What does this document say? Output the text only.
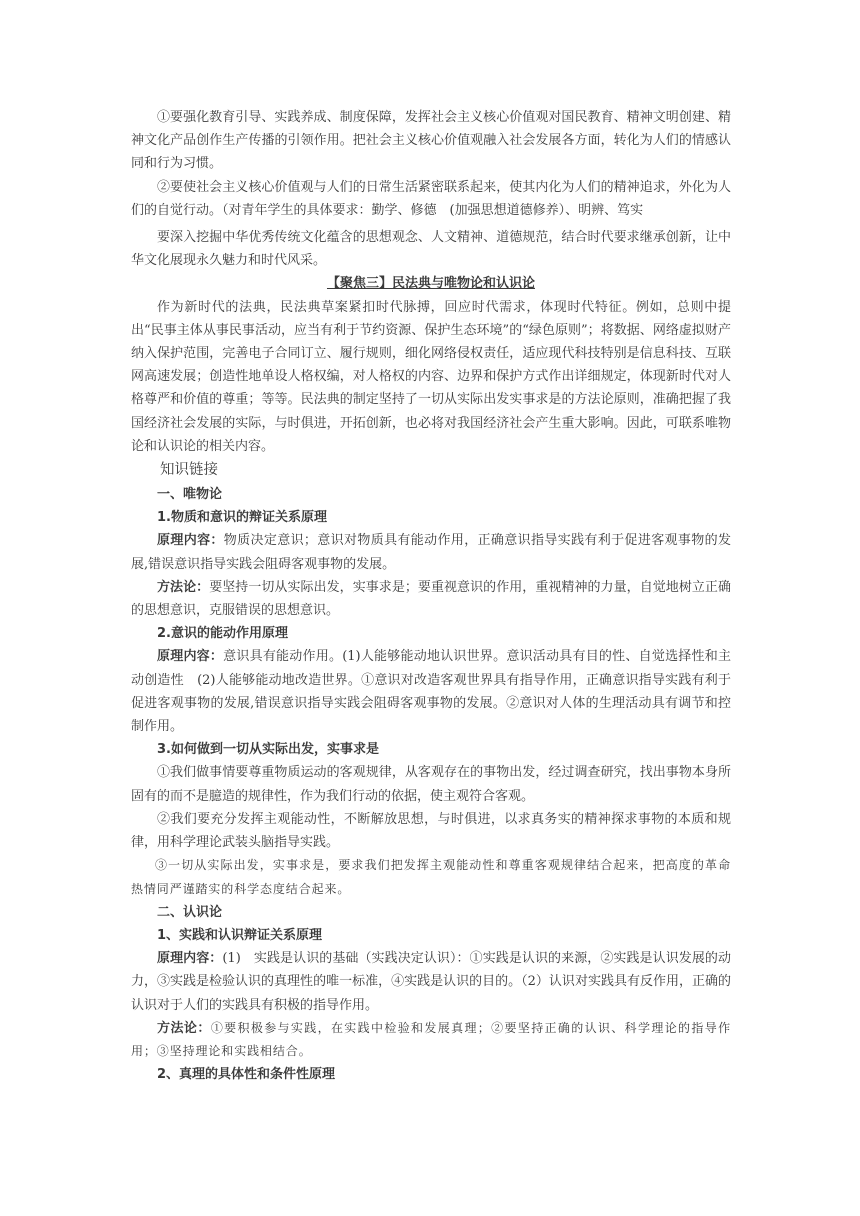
①要强化教育引导、实践养成、制度保障，发挥社会主义核心价值观对国民教育、精神文明创建、精神文化产品创作生产传播的引领作用。把社会主义核心价值观融入社会发展各方面，转化为人们的情感认同和行为习惯。

②要使社会主义核心价值观与人们的日常生活紧密联系起来，使其内化为人们的精神追求，外化为人们的自觉行动。（对青年学生的具体要求：勤学、修德　(加强思想道德修养）、明辨、笃实

要深入挖掘中华优秀传统文化蕴含的思想观念、人文精神、道德规范，结合时代要求继承创新，让中华文化展现永久魅力和时代风采。

【聚焦三】民法典与唯物论和认识论

作为新时代的法典，民法典草案紧扣时代脉搏，回应时代需求，体现时代特征。例如，总则中提出“民事主体从事民事活动，应当有利于节约资源、保护生态环境”的“绿色原则”；将数据、网络虚拟财产纳入保护范围，完善电子合同订立、履行规则，细化网络侵权责任，适应现代科技特别是信息科技、互联网高速发展；创造性地单设人格权编，对人格权的内容、边界和保护方式作出详细规定，体现新时代对人格尊严和价值的尊重；等等。民法典的制定坚持了一切从实际出发实事求是的方法论原则，准确把握了我国经济社会发展的实际，与时俱进，开拓创新，也必将对我国经济社会产生重大影响。因此，可联系唯物论和认识论的相关内容。

知识链接

一、唯物论

1.物质和意识的辩证关系原理

原理内容：物质决定意识；意识对物质具有能动作用，正确意识指导实践有利于促进客观事物的发展,错误意识指导实践会阻碍客观事物的发展。

方法论：要坚持一切从实际出发，实事求是；要重视意识的作用，重视精神的力量，自觉地树立正确的思想意识，克服错误的思想意识。

2.意识的能动作用原理

原理内容：意识具有能动作用。(1)人能够能动地认识世界。意识活动具有目的性、自觉选择性和主动创造性　(2)人能够能动地改造世界。①意识对改造客观世界具有指导作用，正确意识指导实践有利于促进客观事物的发展,错误意识指导实践会阻碍客观事物的发展。②意识对人体的生理活动具有调节和控制作用。

3.如何做到一切从实际出发，实事求是

①我们做事情要尊重物质运动的客观规律，从客观存在的事物出发，经过调查研究，找出事物本身所固有的而不是臆造的规律性，作为我们行动的依据，使主观符合客观。

②我们要充分发挥主观能动性，不断解放思想，与时俱进，以求真务实的精神探求事物的本质和规律，用科学理论武装头脑指导实践。

③一切从实际出发，实事求是，要求我们把发挥主观能动性和尊重客观规律结合起来，把高度的革命热情同严谨踏实的科学态度结合起来。

二、认识论

1、实践和认识辩证关系原理

原理内容：(1)　实践是认识的基础（实践决定认识）：①实践是认识的来源，②实践是认识发展的动力，③实践是检验认识的真理性的唯一标准，④实践是认识的目的。（2）认识对实践具有反作用，正确的认识对于人们的实践具有积极的指导作用。

方法论：①要积极参与实践，在实践中检验和发展真理；②要坚持正确的认识、科学理论的指导作用；③坚持理论和实践相结合。

2、真理的具体性和条件性原理
